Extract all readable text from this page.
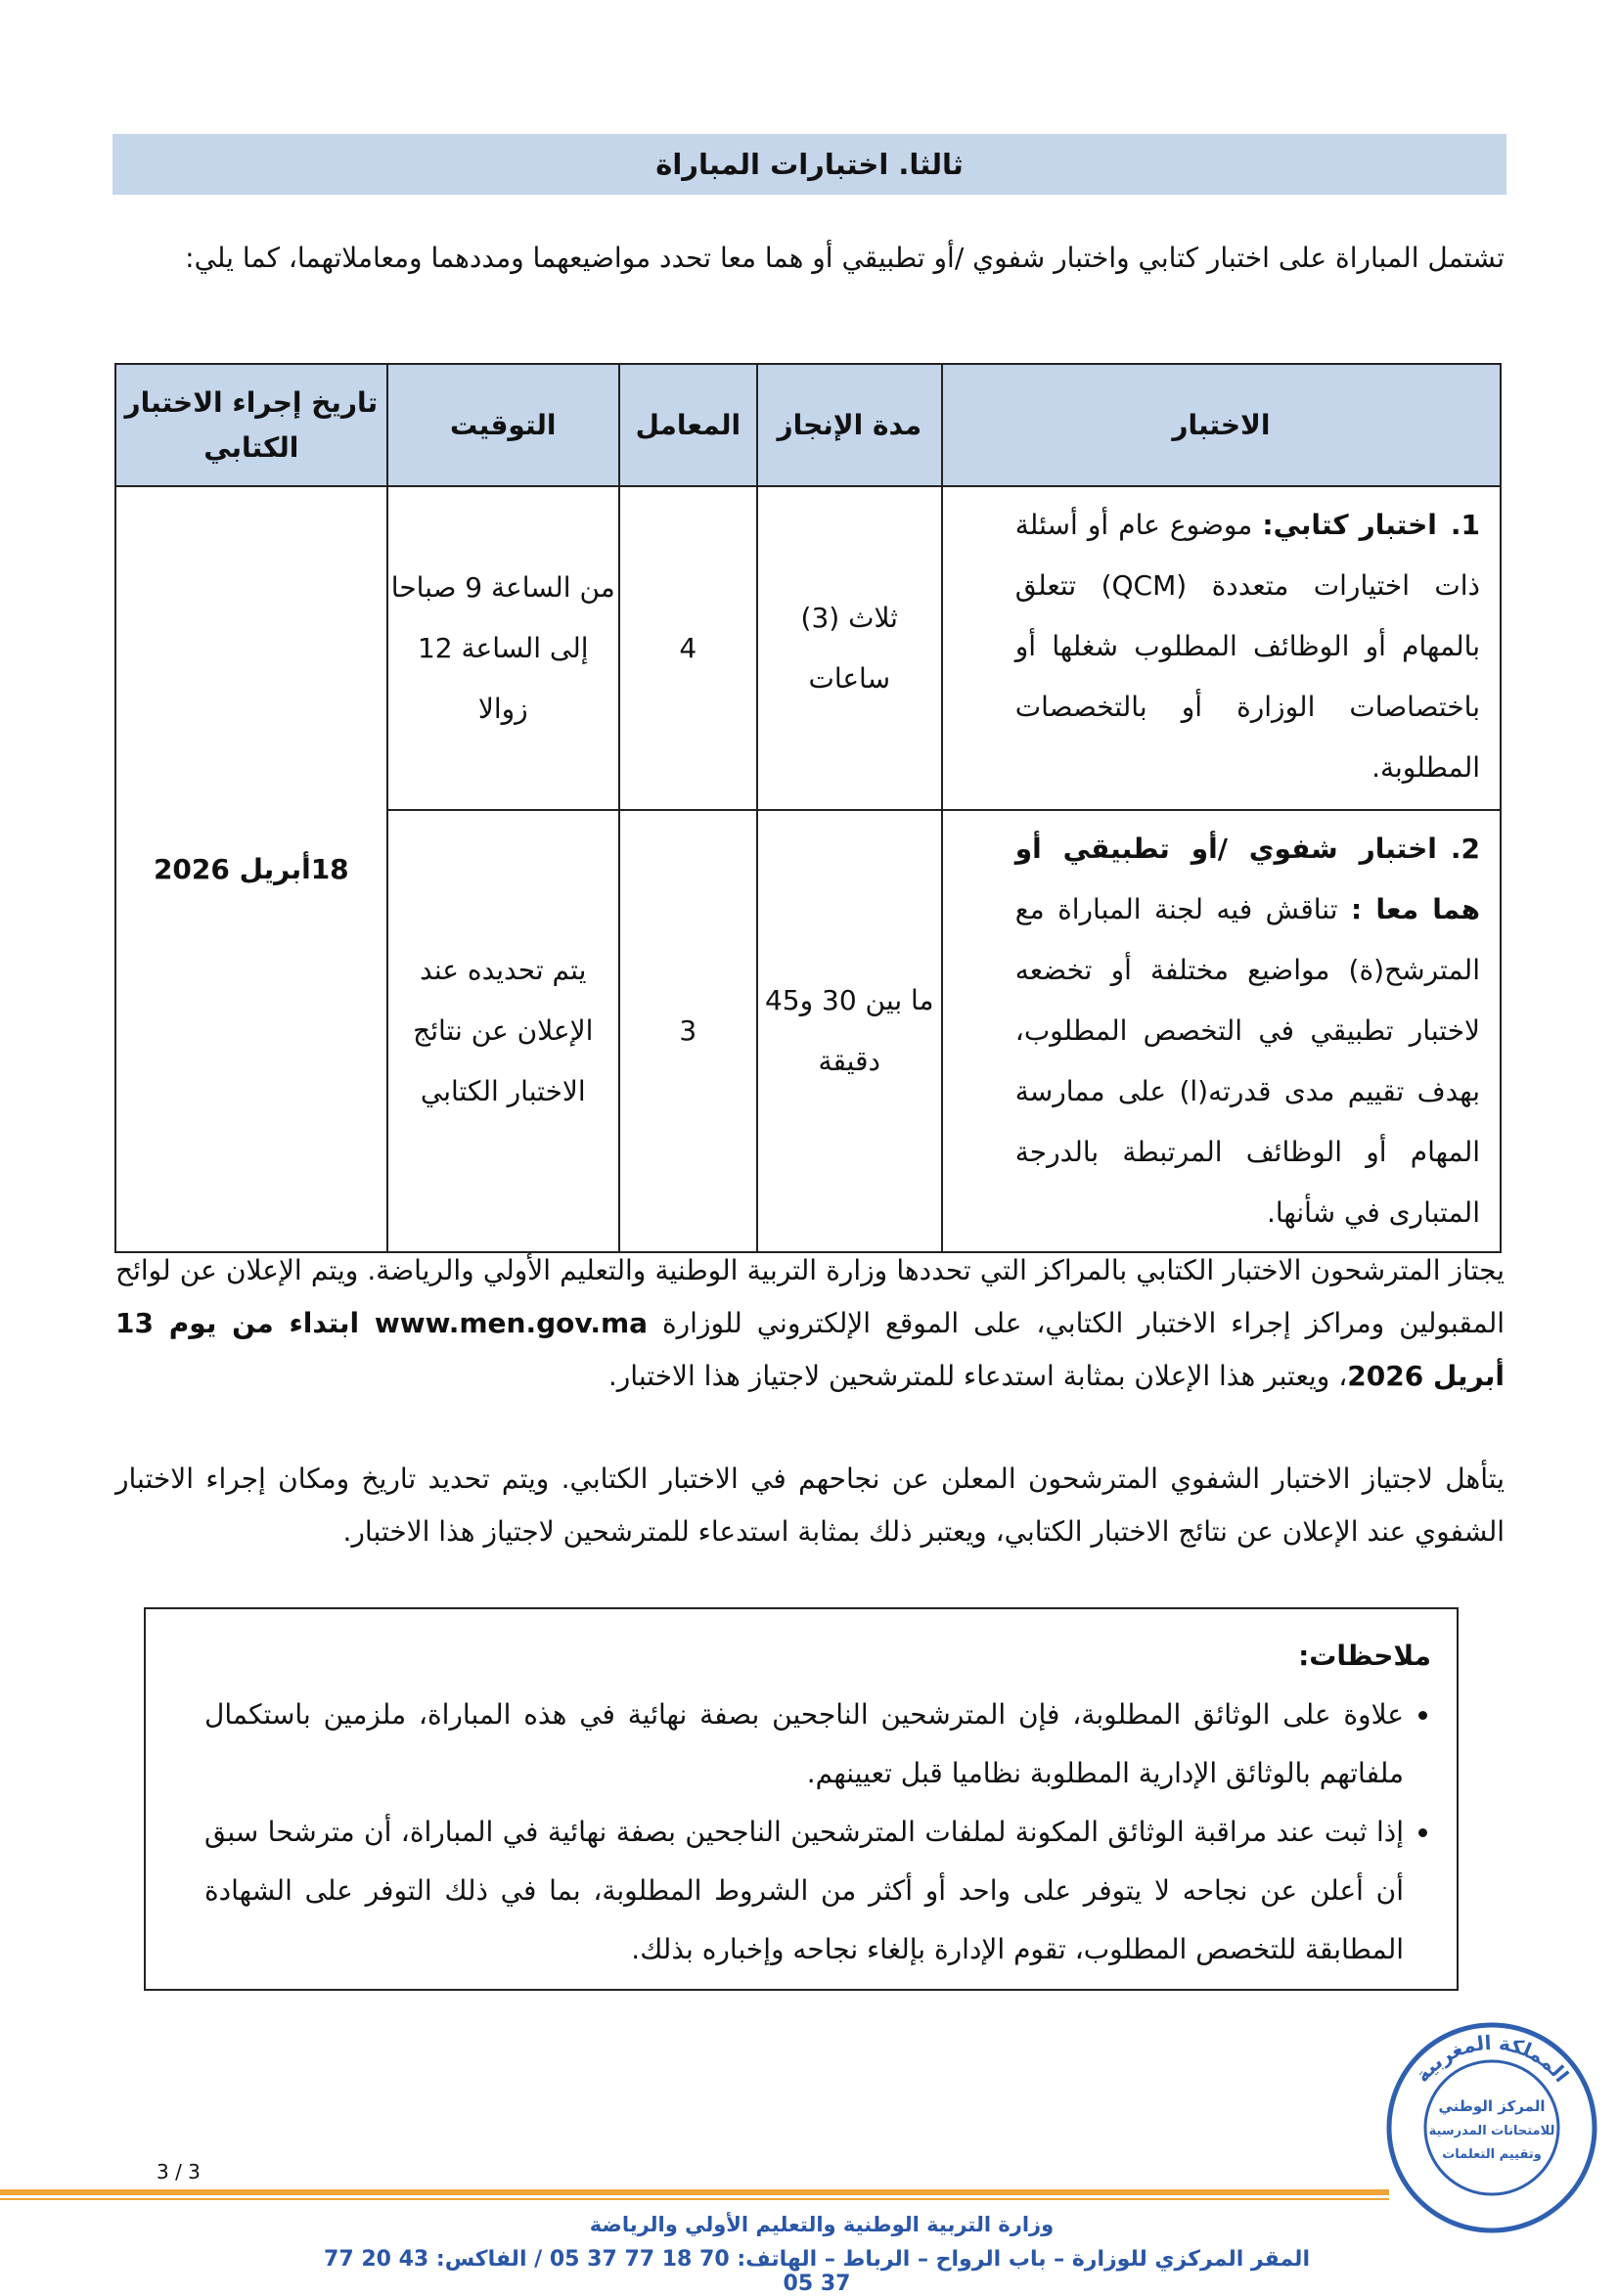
ثالثا. اختبارات المباراة
تشتمل المباراة على اختبار كتابي واختبار شفوي /أو تطبيقي أو هما معا تحدد مواضيعهما ومددهما ومعاملاتهما، كما يلي:
الاختبار	مدة الإنجاز	المعامل	التوقيت	تاريخ إجراء الاختبار الكتابي
1.اختبار كتابي: موضوع عام أو أسئلة ذات اختيارات متعددة (QCM) تتعلق بالمهام أو الوظائف المطلوب شغلها أو باختصاصات الوزارة أو بالتخصصات المطلوبة.	ثلاث (3) ساعات	4	من الساعة 9 صباحا إلى الساعة 12 زوالا	18أبريل 2026
2.اختبار شفوي /أو تطبيقي أو هما معا : تناقش فيه لجنة المباراة مع المترشح(ة) مواضيع مختلفة أو تخضعه لاختبار تطبيقي في التخصص المطلوب، بهدف تقييم مدى قدرته(ا) على ممارسة المهام أو الوظائف المرتبطة بالدرجة المتبارى في شأنها.	ما بين 30 و45 دقيقة	3	يتم تحديده عند الإعلان عن نتائج الاختبار الكتابي	
يجتاز المترشحون الاختبار الكتابي بالمراكز التي تحددها وزارة التربية الوطنية والتعليم الأولي والرياضة. ويتم الإعلان عن لوائح المقبولين ومراكز إجراء الاختبار الكتابي، على الموقع الإلكتروني للوزارة www.men.gov.ma ابتداء من يوم 13 أبريل 2026، ويعتبر هذا الإعلان بمثابة استدعاء للمترشحين لاجتياز هذا الاختبار.
يتأهل لاجتياز الاختبار الشفوي المترشحون المعلن عن نجاحهم في الاختبار الكتابي. ويتم تحديد تاريخ ومكان إجراء الاختبار الشفوي عند الإعلان عن نتائج الاختبار الكتابي، ويعتبر ذلك بمثابة استدعاء للمترشحين لاجتياز هذا الاختبار.
ملاحظات:
• علاوة على الوثائق المطلوبة، فإن المترشحين الناجحين بصفة نهائية في هذه المباراة، ملزمين باستكمال ملفاتهم بالوثائق الإدارية المطلوبة نظاميا قبل تعيينهم.
• إذا ثبت عند مراقبة الوثائق المكونة لملفات المترشحين الناجحين بصفة نهائية في المباراة، أن مترشحا سبق أن أعلن عن نجاحه لا يتوفر على واحد أو أكثر من الشروط المطلوبة، بما في ذلك التوفر على الشهادة المطابقة للتخصص المطلوب، تقوم الإدارة بإلغاء نجاحه وإخباره بذلك.
المملكة المغربية
المركز الوطني
للامتحانات المدرسية
وتقييم التعلمات
3 / 3
وزارة التربية الوطنية والتعليم الأولي والرياضة
المقر المركزي للوزارة – باب الرواح – الرباط – الهاتف: 70 18 77 37 05 / الفاكس: 43 20 77 37 05
